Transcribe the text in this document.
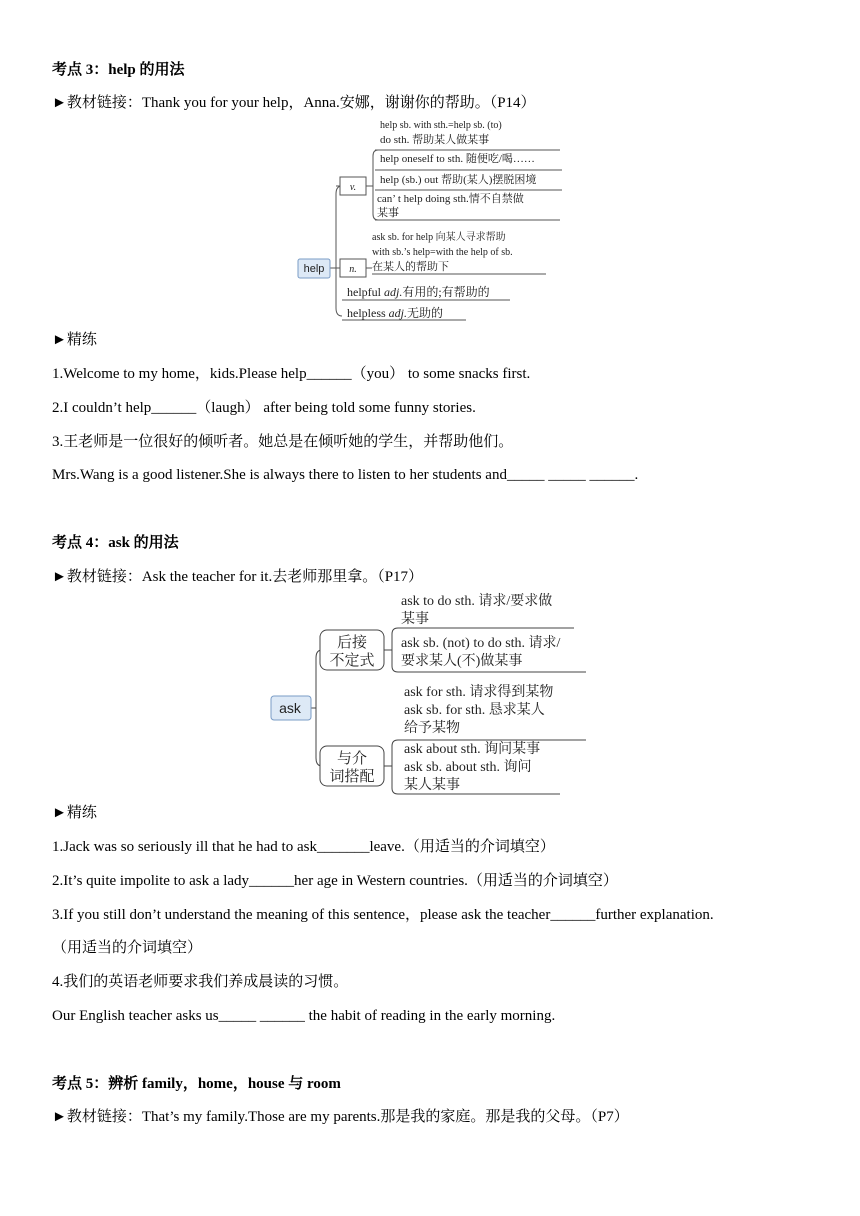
考点 3：help 的用法
►教材链接：Thank you for your help，Anna.安娜，谢谢你的帮助。（P14）
help
v.
n.
help sb. with sth.=help sb. (to)
do sth. 帮助某人做某事
help oneself to sth. 随便吃/喝……
help (sb.) out 帮助(某人)摆脱困境
can’ t help doing sth.情不自禁做
某事
ask sb. for help 向某人寻求帮助
with sb.’s help=with the help of sb.
在某人的帮助下
helpful adj.有用的;有帮助的
helpless adj.无助的
►精练
1.Welcome to my home，kids.Please help______（you） to some snacks first.
2.I couldn’t help______（laugh） after being told some funny stories.
3.王老师是一位很好的倾听者。她总是在倾听她的学生，并帮助他们。
Mrs.Wang is a good listener.She is always there to listen to her students and_____ _____ ______.
考点 4：ask 的用法
►教材链接：Ask the teacher for it.去老师那里拿。（P17）
ask
后接
不定式
与介
词搭配
ask to do sth. 请求/要求做
某事
ask sb. (not) to do sth. 请求/
要求某人(不)做某事
ask for sth. 请求得到某物
ask sb. for sth. 恳求某人
给予某物
ask about sth. 询问某事
ask sb. about sth. 询问
某人某事
►精练
1.Jack was so seriously ill that he had to ask_______leave.（用适当的介词填空）
2.It’s quite impolite to ask a lady______her age in Western countries.（用适当的介词填空）
3.If you still don’t understand the meaning of this sentence，please ask the teacher______further explanation.
（用适当的介词填空）
4.我们的英语老师要求我们养成晨读的习惯。
Our English teacher asks us_____ ______ the habit of reading in the early morning.
考点 5：辨析 family，home，house 与 room
►教材链接：That’s my family.Those are my parents.那是我的家庭。那是我的父母。（P7）
